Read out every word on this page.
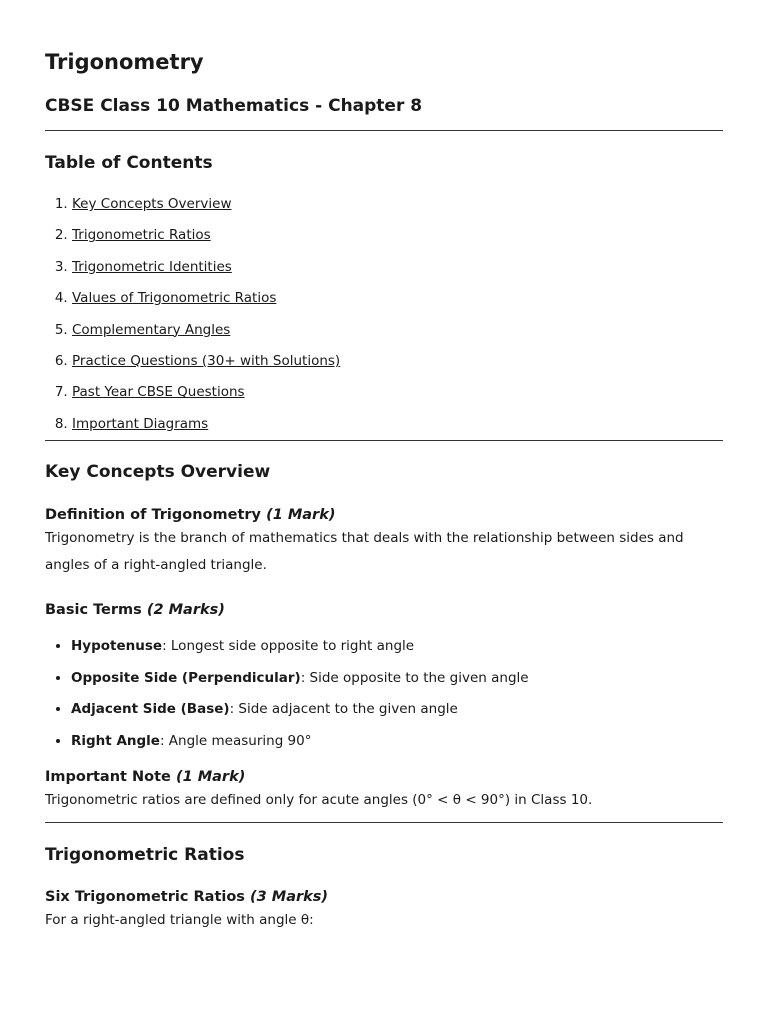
Trigonometry
CBSE Class 10 Mathematics - Chapter 8
Table of Contents
1. Key Concepts Overview
2. Trigonometric Ratios
3. Trigonometric Identities
4. Values of Trigonometric Ratios
5. Complementary Angles
6. Practice Questions (30+ with Solutions)
7. Past Year CBSE Questions
8. Important Diagrams
Key Concepts Overview
Definition of Trigonometry (1 Mark)

Trigonometry is the branch of mathematics that deals with the relationship between sides and angles of a right-angled triangle.

Basic Terms (2 Marks)
• Hypotenuse: Longest side opposite to right angle
• Opposite Side (Perpendicular): Side opposite to the given angle
• Adjacent Side (Base): Side adjacent to the given angle
• Right Angle: Angle measuring 90°
Important Note (1 Mark)

Trigonometric ratios are defined only for acute angles (0° < θ < 90°) in Class 10.

Trigonometric Ratios
Six Trigonometric Ratios (3 Marks)

For a right-angled triangle with angle θ:
